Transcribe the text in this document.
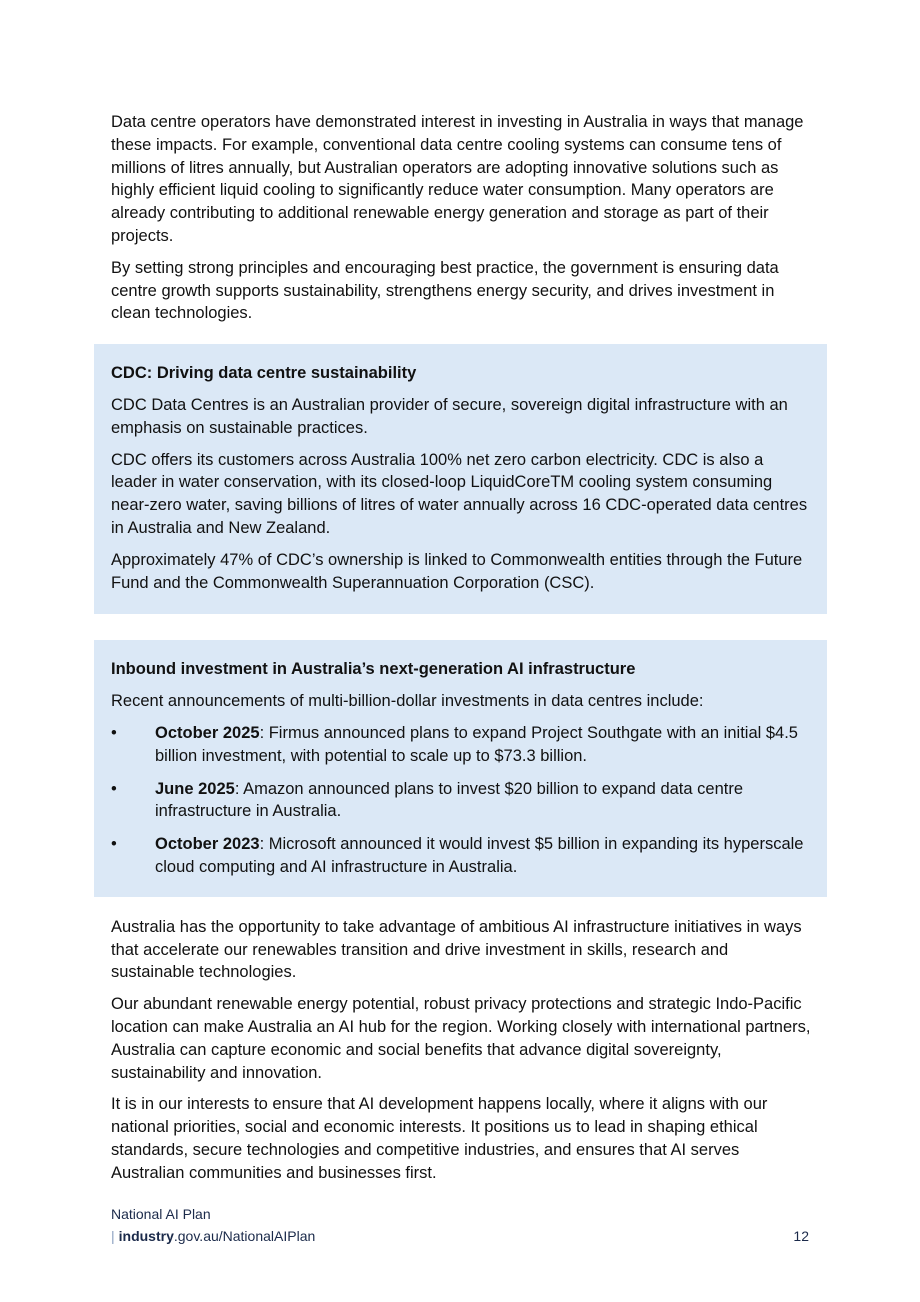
Data centre operators have demonstrated interest in investing in Australia in ways that manage these impacts. For example, conventional data centre cooling systems can consume tens of millions of litres annually, but Australian operators are adopting innovative solutions such as highly efficient liquid cooling to significantly reduce water consumption. Many operators are already contributing to additional renewable energy generation and storage as part of their projects.

By setting strong principles and encouraging best practice, the government is ensuring data centre growth supports sustainability, strengthens energy security, and drives investment in clean technologies.

CDC: Driving data centre sustainability

CDC Data Centres is an Australian provider of secure, sovereign digital infrastructure with an emphasis on sustainable practices.

CDC offers its customers across Australia 100% net zero carbon electricity. CDC is also a leader in water conservation, with its closed-loop LiquidCoreTM cooling system consuming near-zero water, saving billions of litres of water annually across 16 CDC-operated data centres in Australia and New Zealand.

Approximately 47% of CDC’s ownership is linked to Commonwealth entities through the Future Fund and the Commonwealth Superannuation Corporation (CSC).

Inbound investment in Australia’s next-generation AI infrastructure

Recent announcements of multi-billion-dollar investments in data centres include:

• October 2025: Firmus announced plans to expand Project Southgate with an initial $4.5 billion investment, with potential to scale up to $73.3 billion.
• June 2025: Amazon announced plans to invest $20 billion to expand data centre infrastructure in Australia.
• October 2023: Microsoft announced it would invest $5 billion in expanding its hyperscale cloud computing and AI infrastructure in Australia.

Australia has the opportunity to take advantage of ambitious AI infrastructure initiatives in ways that accelerate our renewables transition and drive investment in skills, research and sustainable technologies.

Our abundant renewable energy potential, robust privacy protections and strategic Indo-Pacific location can make Australia an AI hub for the region. Working closely with international partners, Australia can capture economic and social benefits that advance digital sovereignty, sustainability and innovation.

It is in our interests to ensure that AI development happens locally, where it aligns with our national priorities, social and economic interests. It positions us to lead in shaping ethical standards, secure technologies and competitive industries, and ensures that AI serves Australian communities and businesses first.

National AI Plan
| industry.gov.au/NationalAIPlan	12
